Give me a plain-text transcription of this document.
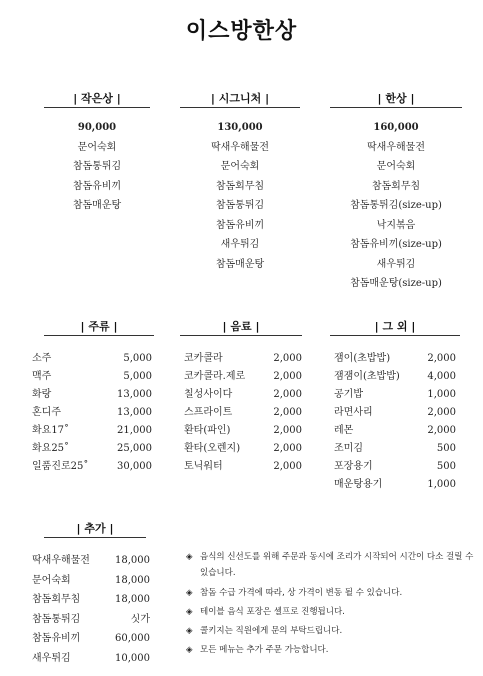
이스방한상
| 작은상 |
90,000
문어숙회
참돔통튀김
참돔유비끼
참돔매운탕
| 시그니처 |
130,000
딱새우해물전
문어숙회
참돔회무침
참돔통튀김
참돔유비끼
새우튀김
참돔매운탕
| 한상 |
160,000
딱새우해물전
문어숙회
참돔회무침
참돔통튀김(size-up)
낙지볶음
참돔유비끼(size-up)
새우튀김
참돔매운탕(size-up)
| 주류 |
소주	5,000
맥주	5,000
화랑	13,000
혼디주	13,000
화요17˚	21,000
화요25˚	25,000
일품진로25˚	30,000
| 음료 |
코카콜라	2,000
코카콜라.제로	2,000
칠성사이다	2,000
스프라이트	2,000
환타(파인)	2,000
환타(오렌지)	2,000
토닉워터	2,000
| 그 외 |
잼이(초밥밥)	2,000
잼잼이(초밥밥)	4,000
공기밥	1,000
라면사리	2,000
레몬	2,000
조미김	500
포장용기	500
매운탕용기	1,000
| 추가 |
딱새우해물전	18,000
문어숙회	18,000
참돔회무침	18,000
참돔통튀김	싯가
참돔유비끼	60,000
새우튀김	10,000
◈ 음식의 신선도를 위해 주문과 동시에 조리가 시작되어 시간이 다소 걸릴 수 있습니다.
◈ 참돔 수급 가격에 따라, 상 가격이 변동 될 수 있습니다.
◈ 테이블 음식 포장은 셀프로 진행됩니다.
◈ 콜키지는 직원에게 문의 부탁드립니다.
◈ 모든 메뉴는 추가 주문 가능합니다.
